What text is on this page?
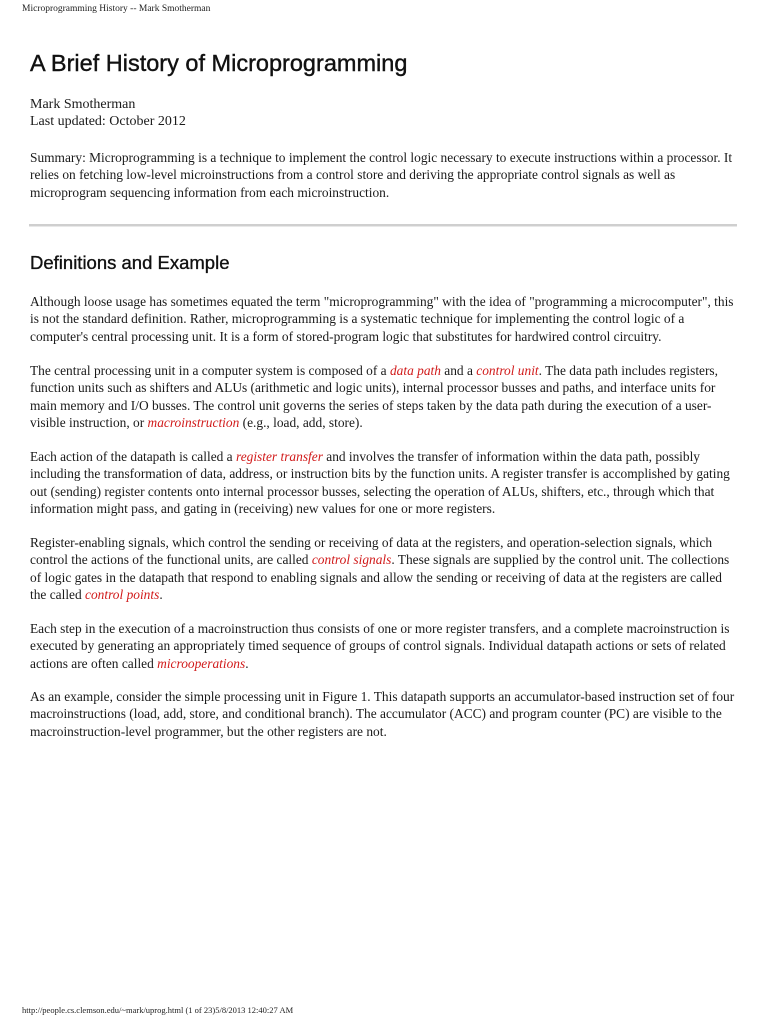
Microprogramming History -- Mark Smotherman
A Brief History of Microprogramming
Mark Smotherman
Last updated: October 2012

Summary: Microprogramming is a technique to implement the control logic necessary to execute instructions within a processor. It relies on fetching low-level microinstructions from a control store and deriving the appropriate control signals as well as microprogram sequencing information from each microinstruction.

Definitions and Example

Although loose usage has sometimes equated the term "microprogramming" with the idea of "programming a microcomputer", this is not the standard definition. Rather, microprogramming is a systematic technique for implementing the control logic of a computer's central processing unit. It is a form of stored-program logic that substitutes for hardwired control circuitry.

The central processing unit in a computer system is composed of a data path and a control unit. The data path includes registers, function units such as shifters and ALUs (arithmetic and logic units), internal processor busses and paths, and interface units for main memory and I/O busses. The control unit governs the series of steps taken by the data path during the execution of a user-visible instruction, or macroinstruction (e.g., load, add, store).

Each action of the datapath is called a register transfer and involves the transfer of information within the data path, possibly including the transformation of data, address, or instruction bits by the function units. A register transfer is accomplished by gating out (sending) register contents onto internal processor busses, selecting the operation of ALUs, shifters, etc., through which that information might pass, and gating in (receiving) new values for one or more registers.

Register-enabling signals, which control the sending or receiving of data at the registers, and operation-selection signals, which control the actions of the functional units, are called control signals. These signals are supplied by the control unit. The collections of logic gates in the datapath that respond to enabling signals and allow the sending or receiving of data at the registers are called the called control points.

Each step in the execution of a macroinstruction thus consists of one or more register transfers, and a complete macroinstruction is executed by generating an appropriately timed sequence of groups of control signals. Individual datapath actions or sets of related actions are often called microoperations.

As an example, consider the simple processing unit in Figure 1. This datapath supports an accumulator-based instruction set of four macroinstructions (load, add, store, and conditional branch). The accumulator (ACC) and program counter (PC) are visible to the macroinstruction-level programmer, but the other registers are not.

http://people.cs.clemson.edu/~mark/uprog.html (1 of 23)5/8/2013 12:40:27 AM
